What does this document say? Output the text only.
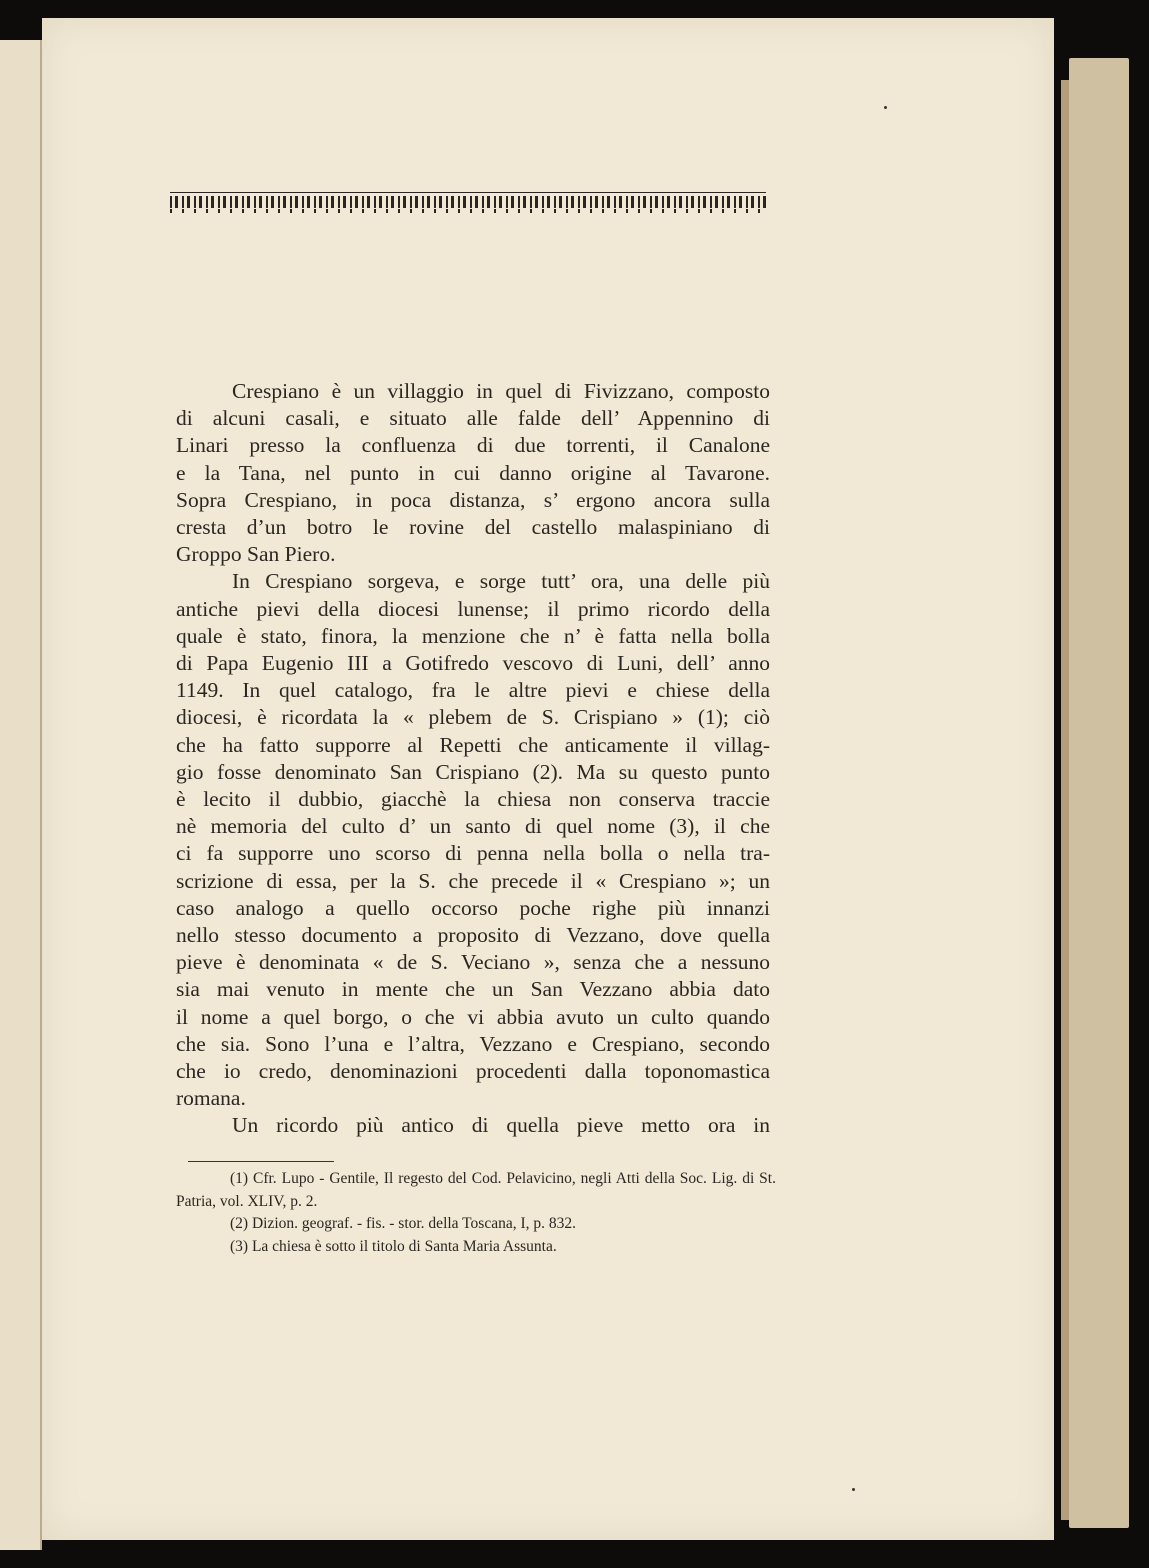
Crespiano è un villaggio in quel di Fivizzano, composto

di alcuni casali, e situato alle falde dell’ Appennino di

Linari presso la confluenza di due torrenti, il Canalone

e la Tana, nel punto in cui danno origine al Tavarone.

Sopra Crespiano, in poca distanza, s’ ergono ancora sulla

cresta d’un botro le rovine del castello malaspiniano di

Groppo San Piero.

In Crespiano sorgeva, e sorge tutt’ ora, una delle più

antiche pievi della diocesi lunense; il primo ricordo della

quale è stato, finora, la menzione che n’ è fatta nella bolla

di Papa Eugenio III a Gotifredo vescovo di Luni, dell’ anno

1149. In quel catalogo, fra le altre pievi e chiese della

diocesi, è ricordata la « plebem de S. Crispiano » (1); ciò

che ha fatto supporre al Repetti che anticamente il villag-

gio fosse denominato San Crispiano (2). Ma su questo punto

è lecito il dubbio, giacchè la chiesa non conserva traccie

nè memoria del culto d’ un santo di quel nome (3), il che

ci fa supporre uno scorso di penna nella bolla o nella tra-

scrizione di essa, per la S. che precede il « Crespiano »; un

caso analogo a quello occorso poche righe più innanzi

nello stesso documento a proposito di Vezzano, dove quella

pieve è denominata « de S. Veciano », senza che a nessuno

sia mai venuto in mente che un San Vezzano abbia dato

il nome a quel borgo, o che vi abbia avuto un culto quando

che sia. Sono l’una e l’altra, Vezzano e Crespiano, secondo

che io credo, denominazioni procedenti dalla toponomastica

romana.

Un ricordo più antico di quella pieve metto ora in

(1) Cfr. Lupo - Gentile, Il regesto del Cod. Pelavicino, negli Atti della Soc. Lig. di St. Patria, vol. XLIV, p. 2.

(2) Dizion. geograf. - fis. - stor. della Toscana, I, p. 832.

(3) La chiesa è sotto il titolo di Santa Maria Assunta.
